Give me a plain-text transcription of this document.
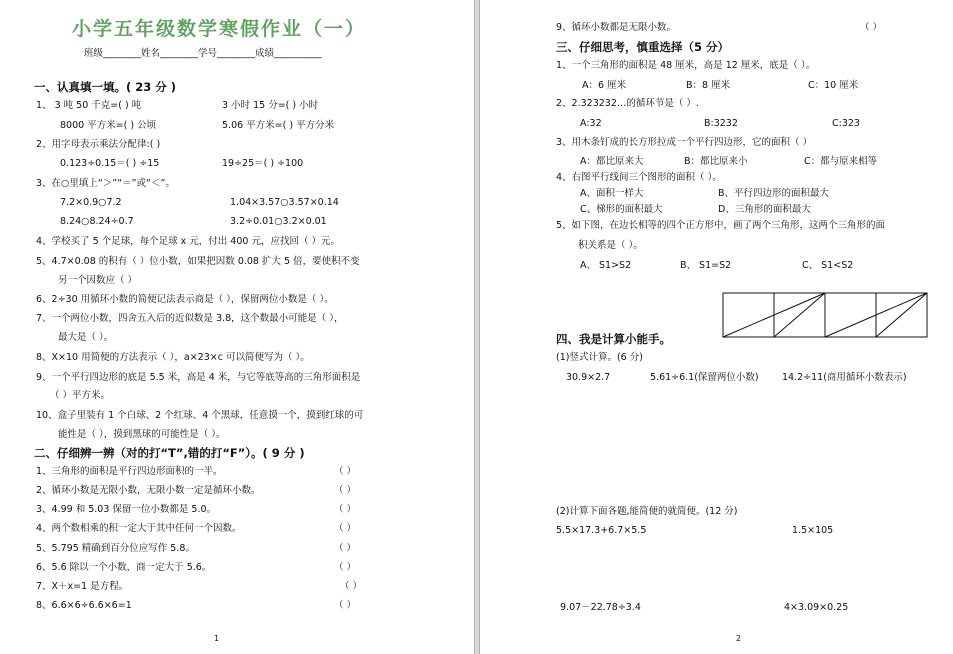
小学五年级数学寒假作业（一）
班级________姓名________学号________成绩__________
一、认真填一填。( 23 分 )
1、 3 吨 50 千克=( ) 吨	3 小时 15 分=( ) 小时
8000 平方米=( ) 公顷	5.06 平方米=( ) 平方分米
2、用字母表示乘法分配律:( )
0.123÷0.15＝( ) ÷15	19÷25＝( ) ÷100
3、在○里填上“＞”“＝”或“＜”。
7.2×0.9○7.2	1.04×3.57○3.57×0.14
8.24○8.24÷0.7	3.2÷0.01○3.2×0.01
4、学校买了 5 个足球，每个足球 x 元，付出 400 元，应找回（ ）元。
5、4.7×0.08 的积有（ ）位小数，如果把因数 0.08 扩大 5 倍，要使积不变
另一个因数应（ ）
6、2÷30 用循环小数的简便记法表示商是（ ），保留两位小数是（ ）。
7、一个两位小数，四舍五入后的近似数是 3.8，这个数最小可能是（ ），
最大是（ ）。
8、X×10 用简便的方法表示（ ），a×23×c 可以简便写为（ ）。
9、一个平行四边形的底是 5.5 米，高是 4 米，与它等底等高的三角形面积是
（ ）平方米。
10、盒子里装有 1 个白球、2 个红球、4 个黑球，任意摸一个，摸到红球的可
能性是（ ），摸到黑球的可能性是（ ）。
二、仔细辨一辨（对的打“T”,错的打“F”）。( 9 分 )
1、三角形的面积是平行四边形面积的一半。	（ ）
2、循环小数是无限小数，无限小数一定是循环小数。	（ ）
3、4.99 和 5.03 保留一位小数都是 5.0。	（ ）
4、两个数相乘的积一定大于其中任何一个因数。	（ ）
5、5.795 精确到百分位应写作 5.8。	（ ）
6、5.6 除以一个小数，商一定大于 5.6。	（ ）
7、X＋x=1 是方程。	（ ）
8、6.6×6÷6.6×6=1	（ ）
1
9、循环小数都是无限小数。	（ ）
三、仔细思考，慎重选择（5 分）
1、一个三角形的面积是 48 厘米，高是 12 厘米，底是（ ）。
A：6 厘米	B：8 厘米	C：10 厘米
2、2.323232…的循环节是（ ）.
A:32	B:3232	C:323
3、用木条钉成的长方形拉成一个平行四边形，它的面积（ ）
A：都比原来大	B：都比原来小	C：都与原来相等
4、右图平行线间三个图形的面积（ ）。
A、面积一样大	B、平行四边形的面积最大
C、梯形的面积最大	D、三角形的面积最大
5、如下图，在边长相等的四个正方形中，画了两个三角形，这两个三角形的面
积关系是（ ）。
A、 S1>S2	B、 S1=S2	C、 S1<S2
四、我是计算小能手。
(1)竖式计算。(6 分)
30.9×2.7	5.61÷6.1(保留两位小数) 14.2÷11(商用循环小数表示)
(2)计算下面各题,能简便的就简便。(12 分)
5.5×17.3+6.7×5.5	1.5×105
9.07－22.78÷3.4	4×3.09×0.25
2
